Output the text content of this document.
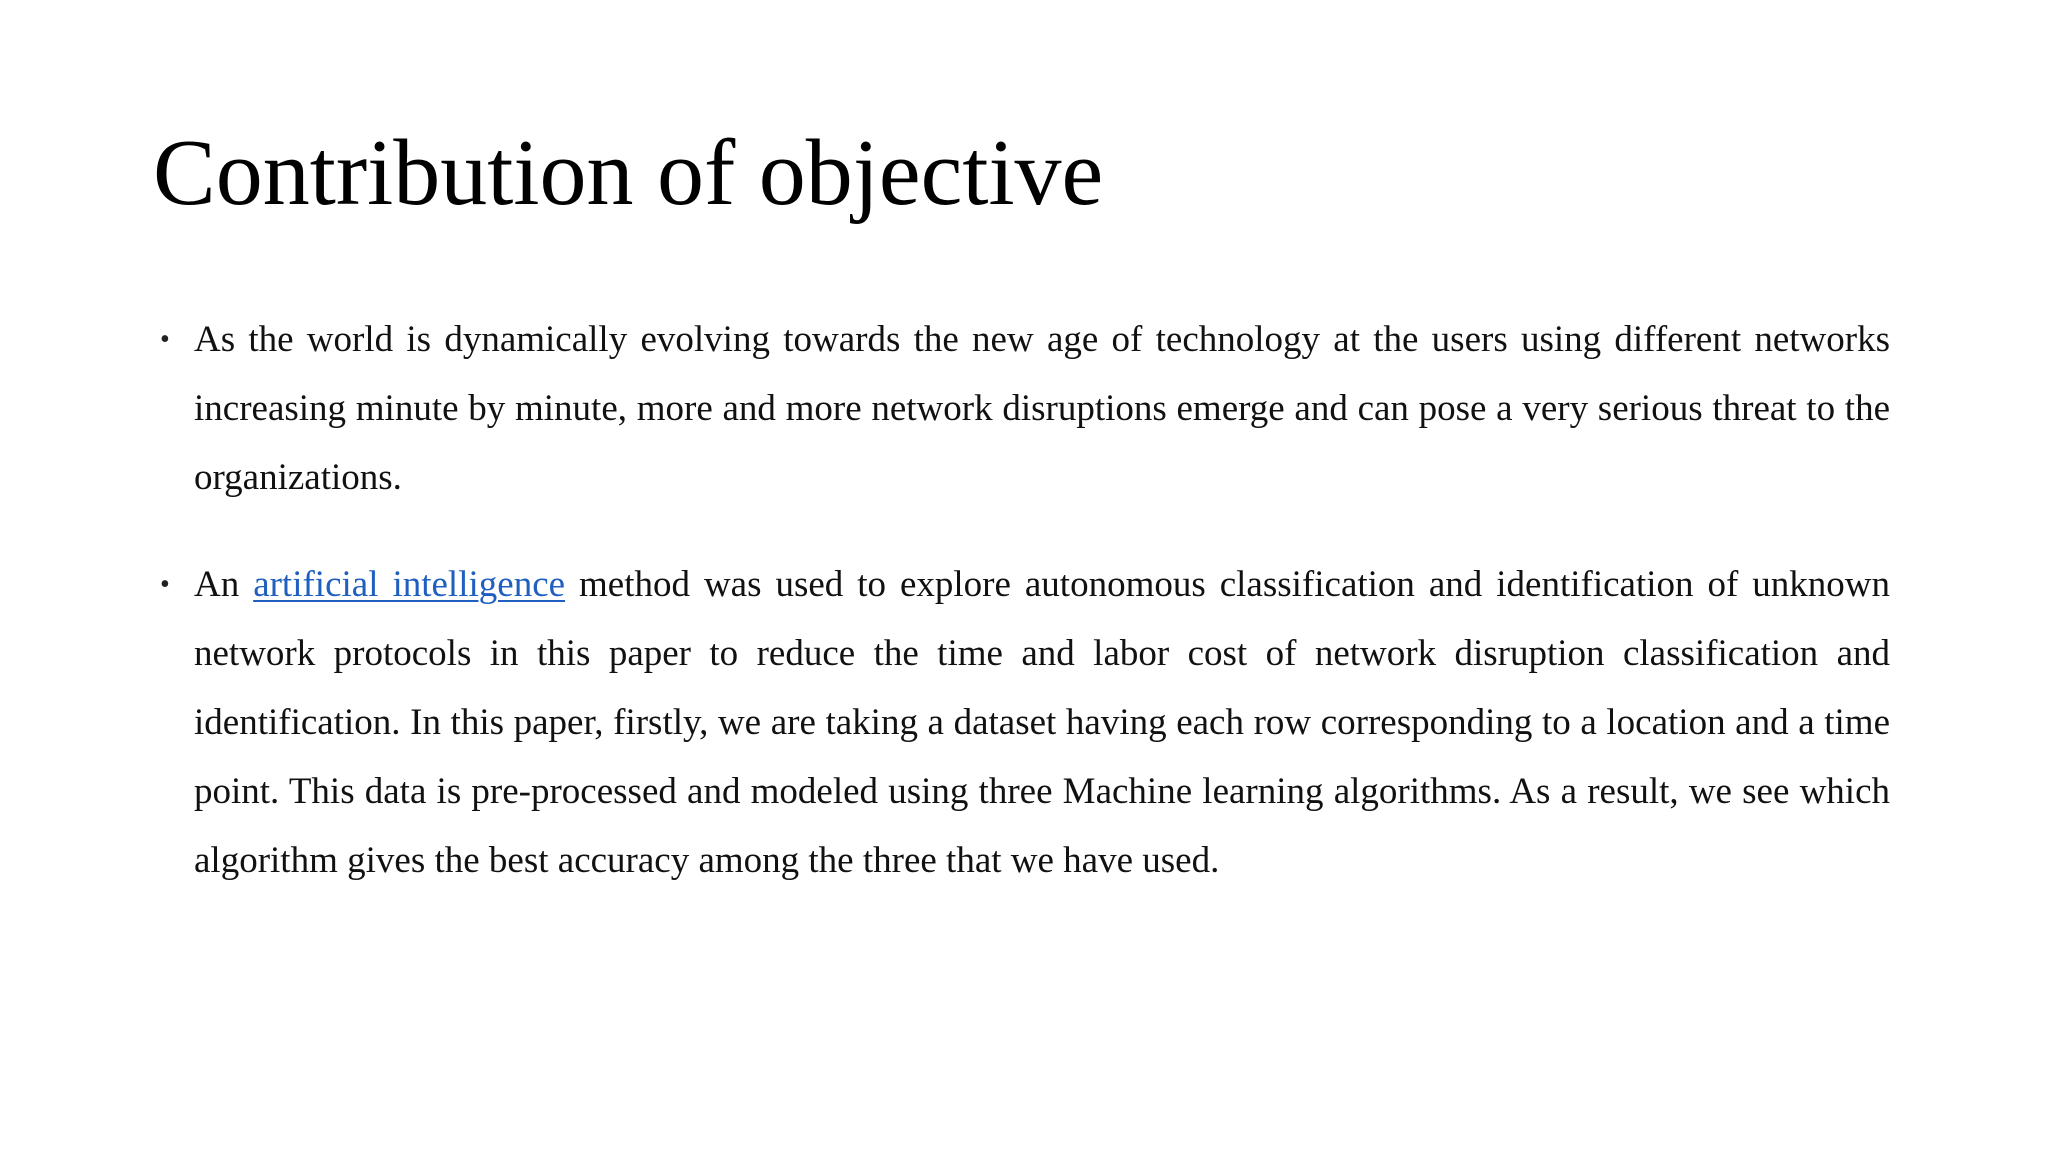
Contribution of objective
• As the world is dynamically evolving towards the new age of technology at the users using different networks increasing minute by minute, more and more network disruptions emerge and can pose a very serious threat to the organizations.
• An artificial intelligence method was used to explore autonomous classification and identification of unknown network protocols in this paper to reduce the time and labor cost of network disruption classification and identification. In this paper, firstly, we are taking a dataset having each row corresponding to a location and a time point. This data is pre-processed and modeled using three Machine learning algorithms. As a result, we see which algorithm gives the best accuracy among the three that we have used.
